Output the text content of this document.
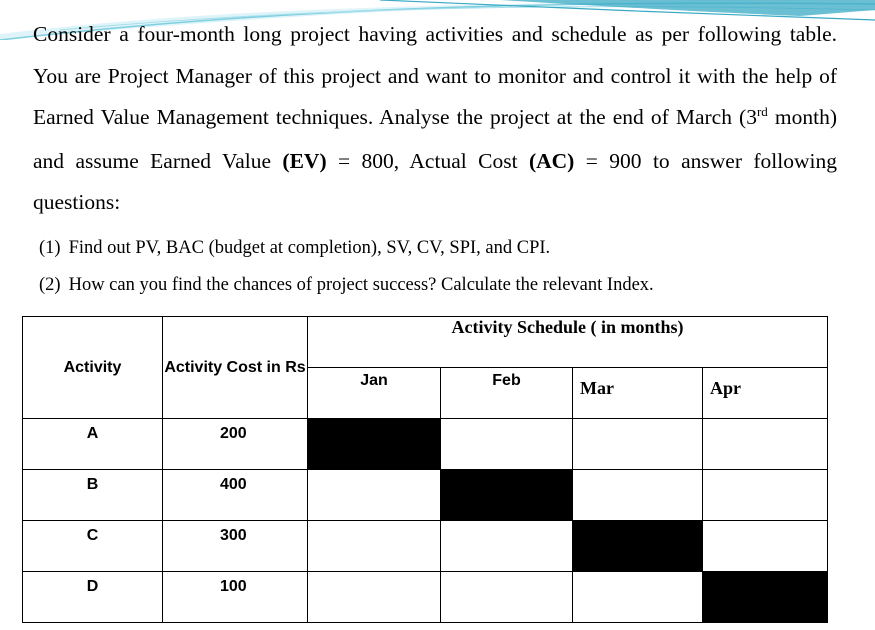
Consider a four-month long project having activities and schedule as per following table. You are Project Manager of this project and want to monitor and control it with the help of Earned Value Management techniques. Analyse the project at the end of March (3rd month) and assume Earned Value (EV) = 800, Actual Cost (AC) = 900 to answer following questions:

(1) Find out PV, BAC (budget at completion), SV, CV, SPI, and CPI.

(2) How can you find the chances of project success? Calculate the relevant Index.

Activity	Activity Cost in Rs	Activity Schedule ( in months)			
		Jan	Feb	Mar	Apr
A	200				
B	400				
C	300				
D	100				
